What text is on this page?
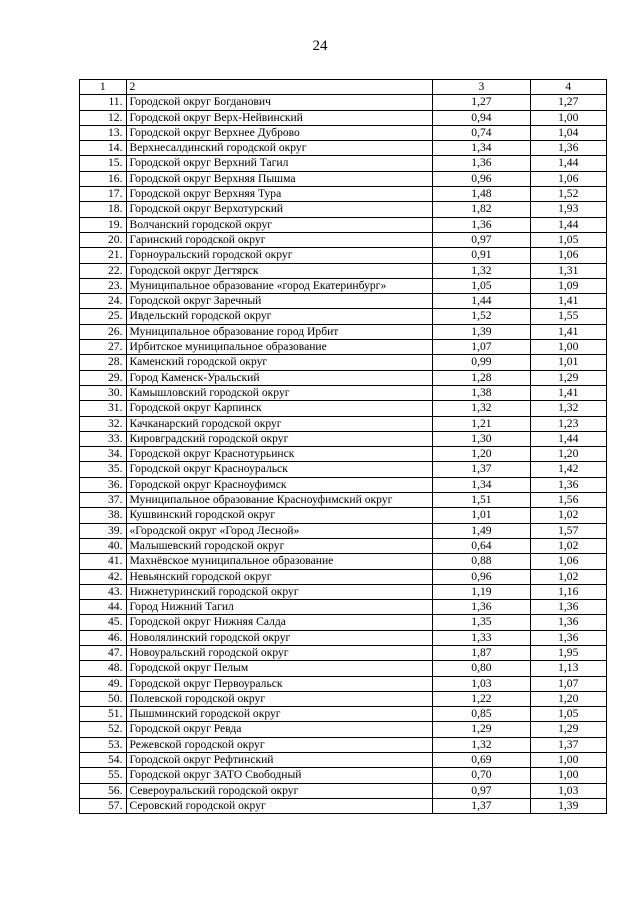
24
1	2	3	4
11.	Городской округ Богданович	1,27	1,27
12.	Городской округ Верх-Нейвинский	0,94	1,00
13.	Городской округ Верхнее Дуброво	0,74	1,04
14.	Верхнесалдинский городской округ	1,34	1,36
15.	Городской округ Верхний Тагил	1,36	1,44
16.	Городской округ Верхняя Пышма	0,96	1,06
17.	Городской округ Верхняя Тура	1,48	1,52
18.	Городской округ Верхотурский	1,82	1,93
19.	Волчанский городской округ	1,36	1,44
20.	Гаринский городской округ	0,97	1,05
21.	Горноуральский городской округ	0,91	1,06
22.	Городской округ Дегтярск	1,32	1,31
23.	Муниципальное образование «город Екатеринбург»	1,05	1,09
24.	Городской округ Заречный	1,44	1,41
25.	Ивдельский городской округ	1,52	1,55
26.	Муниципальное образование город Ирбит	1,39	1,41
27.	Ирбитское муниципальное образование	1,07	1,00
28.	Каменский городской округ	0,99	1,01
29.	Город Каменск-Уральский	1,28	1,29
30.	Камышловский городской округ	1,38	1,41
31.	Городской округ Карпинск	1,32	1,32
32.	Качканарский городской округ	1,21	1,23
33.	Кировградский городской округ	1,30	1,44
34.	Городской округ Краснотурьинск	1,20	1,20
35.	Городской округ Красноуральск	1,37	1,42
36.	Городской округ Красноуфимск	1,34	1,36
37.	Муниципальное образование Красноуфимский округ	1,51	1,56
38.	Кушвинский городской округ	1,01	1,02
39.	«Городской округ «Город Лесной»	1,49	1,57
40.	Малышевский городской округ	0,64	1,02
41.	Махнёвское муниципальное образование	0,88	1,06
42.	Невьянский городской округ	0,96	1,02
43.	Нижнетуринский городской округ	1,19	1,16
44.	Город Нижний Тагил	1,36	1,36
45.	Городской округ Нижняя Салда	1,35	1,36
46.	Новолялинский городской округ	1,33	1,36
47.	Новоуральский городской округ	1,87	1,95
48.	Городской округ Пелым	0,80	1,13
49.	Городской округ Первоуральск	1,03	1,07
50.	Полевской городской округ	1,22	1,20
51.	Пышминский городской округ	0,85	1,05
52.	Городской округ Ревда	1,29	1,29
53.	Режевской городской округ	1,32	1,37
54.	Городской округ Рефтинский	0,69	1,00
55.	Городской округ ЗАТО Свободный	0,70	1,00
56.	Североуральский городской округ	0,97	1,03
57.	Серовский городской округ	1,37	1,39
